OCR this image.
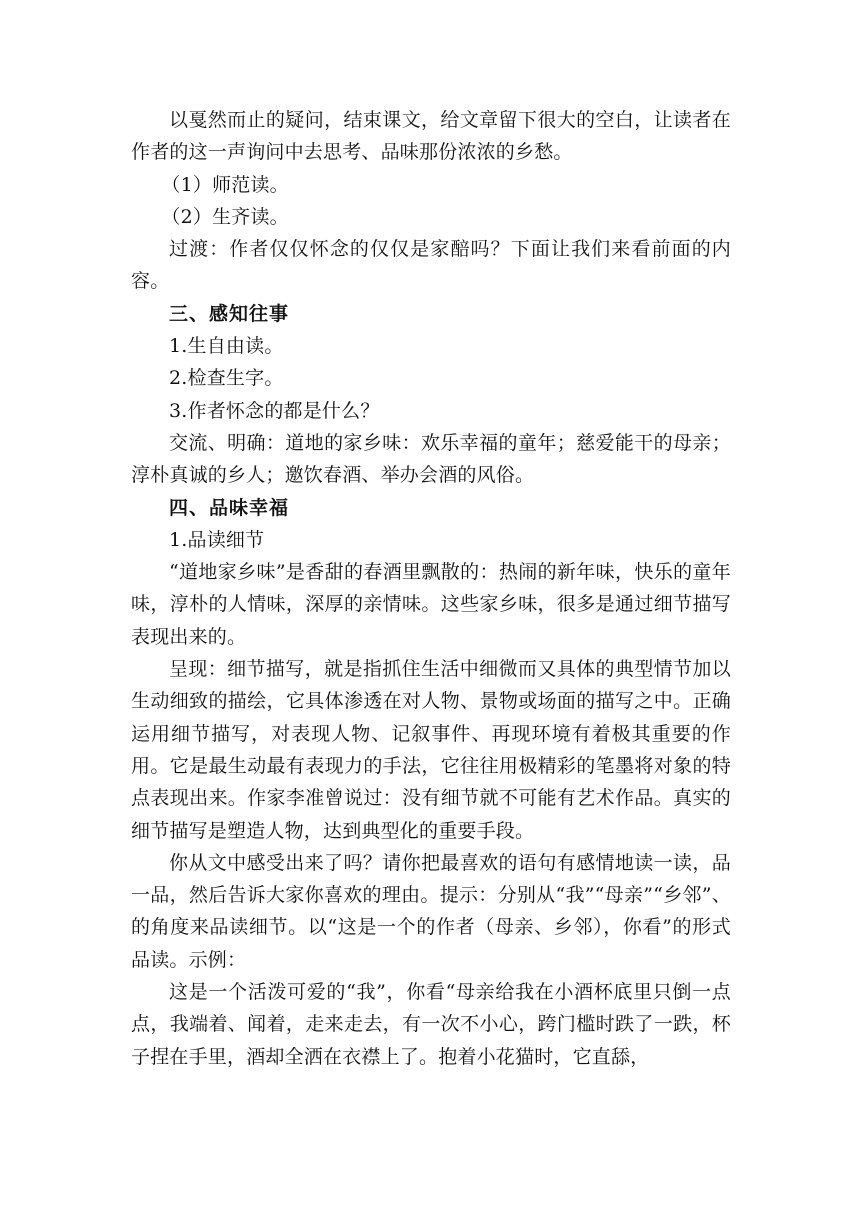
以戛然而止的疑问，结束课文，给文章留下很大的空白，让读者在作者的这一声询问中去思考、品味那份浓浓的乡愁。

（1）师范读。

（2）生齐读。

过渡：作者仅仅怀念的仅仅是家醅吗？下面让我们来看前面的内容。

三、感知往事

1.生自由读。

2.检查生字。

3.作者怀念的都是什么？

交流、明确：道地的家乡味：欢乐幸福的童年；慈爱能干的母亲；淳朴真诚的乡人；邀饮春酒、举办会酒的风俗。

四、品味幸福

1.品读细节

“道地家乡味”是香甜的春酒里飘散的：热闹的新年味，快乐的童年味，淳朴的人情味，深厚的亲情味。这些家乡味，很多是通过细节描写表现出来的。

呈现：细节描写，就是指抓住生活中细微而又具体的典型情节加以生动细致的描绘，它具体渗透在对人物、景物或场面的描写之中。正确运用细节描写，对表现人物、记叙事件、再现环境有着极其重要的作用。它是最生动最有表现力的手法，它往往用极精彩的笔墨将对象的特点表现出来。作家李准曾说过：没有细节就不可能有艺术作品。真实的细节描写是塑造人物，达到典型化的重要手段。

你从文中感受出来了吗？请你把最喜欢的语句有感情地读一读，品一品，然后告诉大家你喜欢的理由。提示：分别从“我”“母亲”“乡邻”、的角度来品读细节。以“这是一个的作者（母亲、乡邻），你看”的形式品读。示例：

这是一个活泼可爱的“我”，你看“母亲给我在小酒杯底里只倒一点点，我端着、闻着，走来走去，有一次不小心，跨门槛时跌了一跌，杯子捏在手里，酒却全洒在衣襟上了。抱着小花猫时，它直舔，
